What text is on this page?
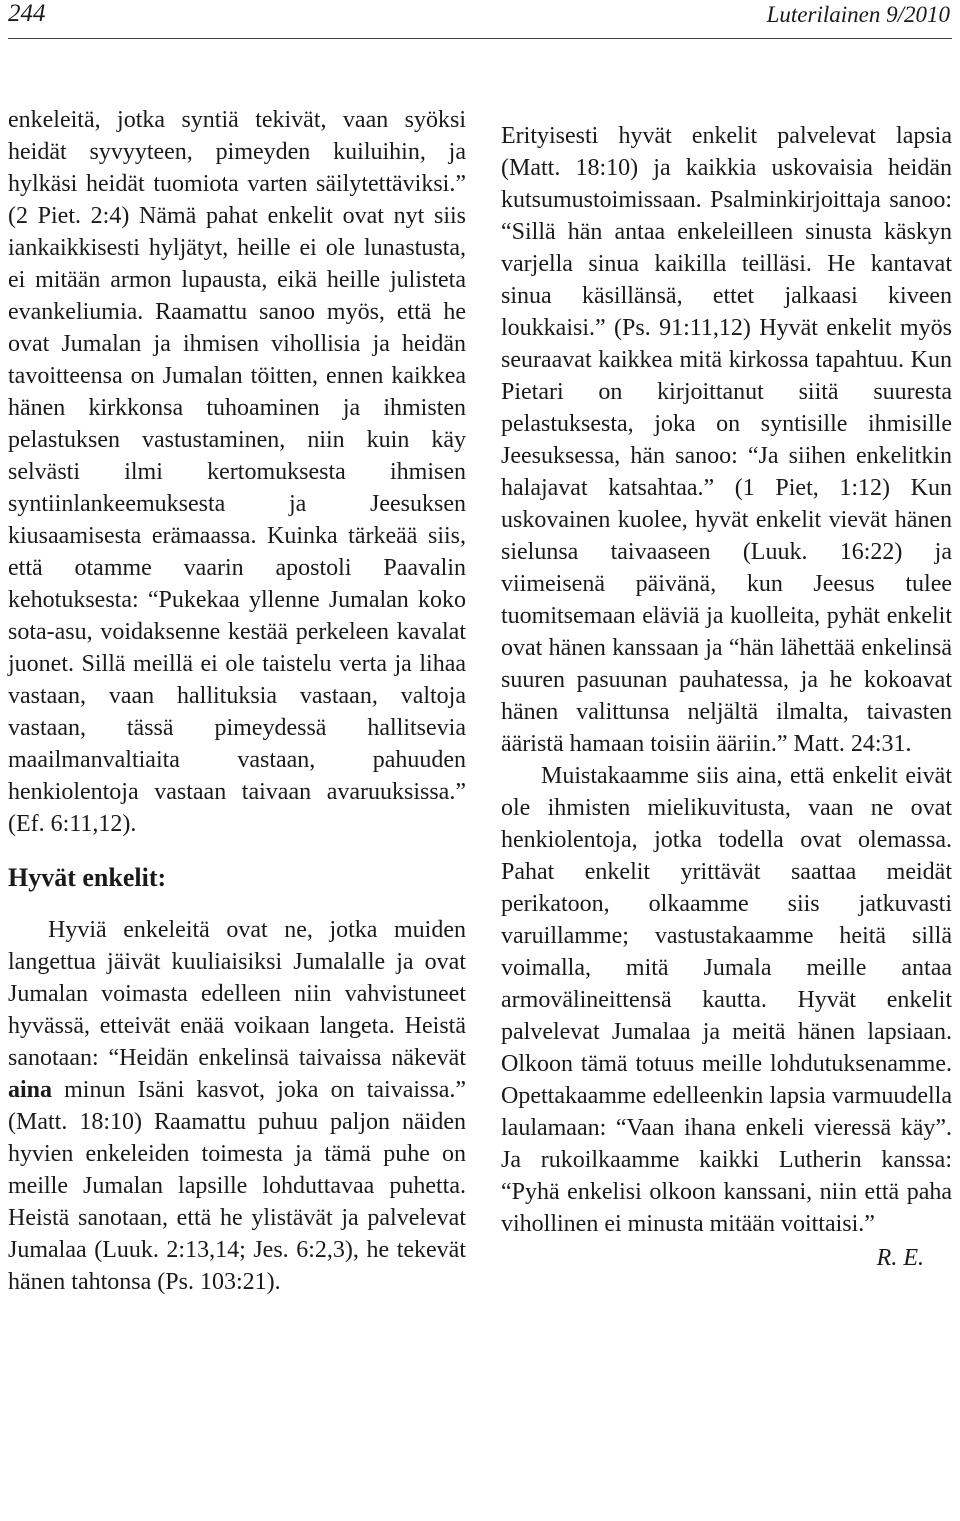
244	Luterilainen 9/2010

enkeleitä, jotka syntiä tekivät, vaan syöksi heidät syvyyteen, pimeyden kuiluihin, ja hylkäsi heidät tuomiota varten säilytettäviksi.” (2 Piet. 2:4) Nämä pahat enkelit ovat nyt siis iankaikkisesti hyljätyt, heille ei ole lunastusta, ei mitään armon lupausta, eikä heille julisteta evankeliumia. Raamattu sanoo myös, että he ovat Jumalan ja ihmisen vihollisia ja heidän tavoitteensa on Jumalan töitten, ennen kaikkea hänen kirkkonsa tuhoaminen ja ihmisten pelastuksen vastustaminen, niin kuin käy selvästi ilmi kertomuksesta ihmisen syntiinlankeemuksesta ja Jeesuksen kiusaamisesta erämaassa. Kuinka tärkeää siis, että otamme vaarin apostoli Paavalin kehotuksesta: “Pukekaa yllenne Jumalan koko sota-asu, voidaksenne kestää perkeleen kavalat juonet. Sillä meillä ei ole taistelu verta ja lihaa vastaan, vaan hallituksia vastaan, valtoja vastaan, tässä pimeydessä hallitsevia maailmanvaltiaita vastaan, pahuuden henkiolentoja vastaan taivaan avaruuksissa.” (Ef. 6:11,12).

Hyvät enkelit:

Hyviä enkeleitä ovat ne, jotka muiden langettua jäivät kuuliaisiksi Jumalalle ja ovat Jumalan voimasta edelleen niin vahvistuneet hyvässä, etteivät enää voikaan langeta. Heistä sanotaan: “Heidän enkelinsä taivaissa näkevät aina minun Isäni kasvot, joka on taivaissa.” (Matt. 18:10) Raamattu puhuu paljon näiden hyvien enkeleiden toimesta ja tämä puhe on meille Jumalan lapsille lohduttavaa puhetta. Heistä sanotaan, että he ylistävät ja palvelevat Jumalaa (Luuk. 2:13,14; Jes. 6:2,3), he tekevät hänen tahtonsa (Ps. 103:21).

Erityisesti hyvät enkelit palvelevat lapsia (Matt. 18:10) ja kaikkia uskovaisia heidän kutsumustoimissaan. Psalminkirjoittaja sanoo: “Sillä hän antaa enkeleilleen sinusta käskyn varjella sinua kaikilla teilläsi. He kantavat sinua käsillänsä, ettet jalkaasi kiveen loukkaisi.” (Ps. 91:11,12) Hyvät enkelit myös seuraavat kaikkea mitä kirkossa tapahtuu. Kun Pietari on kirjoittanut siitä suuresta pelastuksesta, joka on syntisille ihmisille Jeesuksessa, hän sanoo: “Ja siihen enkelitkin halajavat katsahtaa.” (1 Piet, 1:12) Kun uskovainen kuolee, hyvät enkelit vievät hänen sielunsa taivaaseen (Luuk. 16:22) ja viimeisenä päivänä, kun Jeesus tulee tuomitsemaan eläviä ja kuolleita, pyhät enkelit ovat hänen kanssaan ja “hän lähettää enkelinsä suuren pasuunan pauhatessa, ja he kokoavat hänen valittunsa neljältä ilmalta, taivasten ääristä hamaan toisiin ääriin.” Matt. 24:31.

Muistakaamme siis aina, että enkelit eivät ole ihmisten mielikuvitusta, vaan ne ovat henkiolentoja, jotka todella ovat olemassa. Pahat enkelit yrittävät saattaa meidät perikatoon, olkaamme siis jatkuvasti varuillamme; vastustakaamme heitä sillä voimalla, mitä Jumala meille antaa armovälineittensä kautta. Hyvät enkelit palvelevat Jumalaa ja meitä hänen lapsiaan. Olkoon tämä totuus meille lohdutuksenamme. Opettakaamme edelleenkin lapsia varmuudella laulamaan: “Vaan ihana enkeli vieressä käy”. Ja rukoilkaamme kaikki Lutherin kanssa: “Pyhä enkelisi olkoon kanssani, niin että paha vihollinen ei minusta mitään voittaisi.”

R. E.
